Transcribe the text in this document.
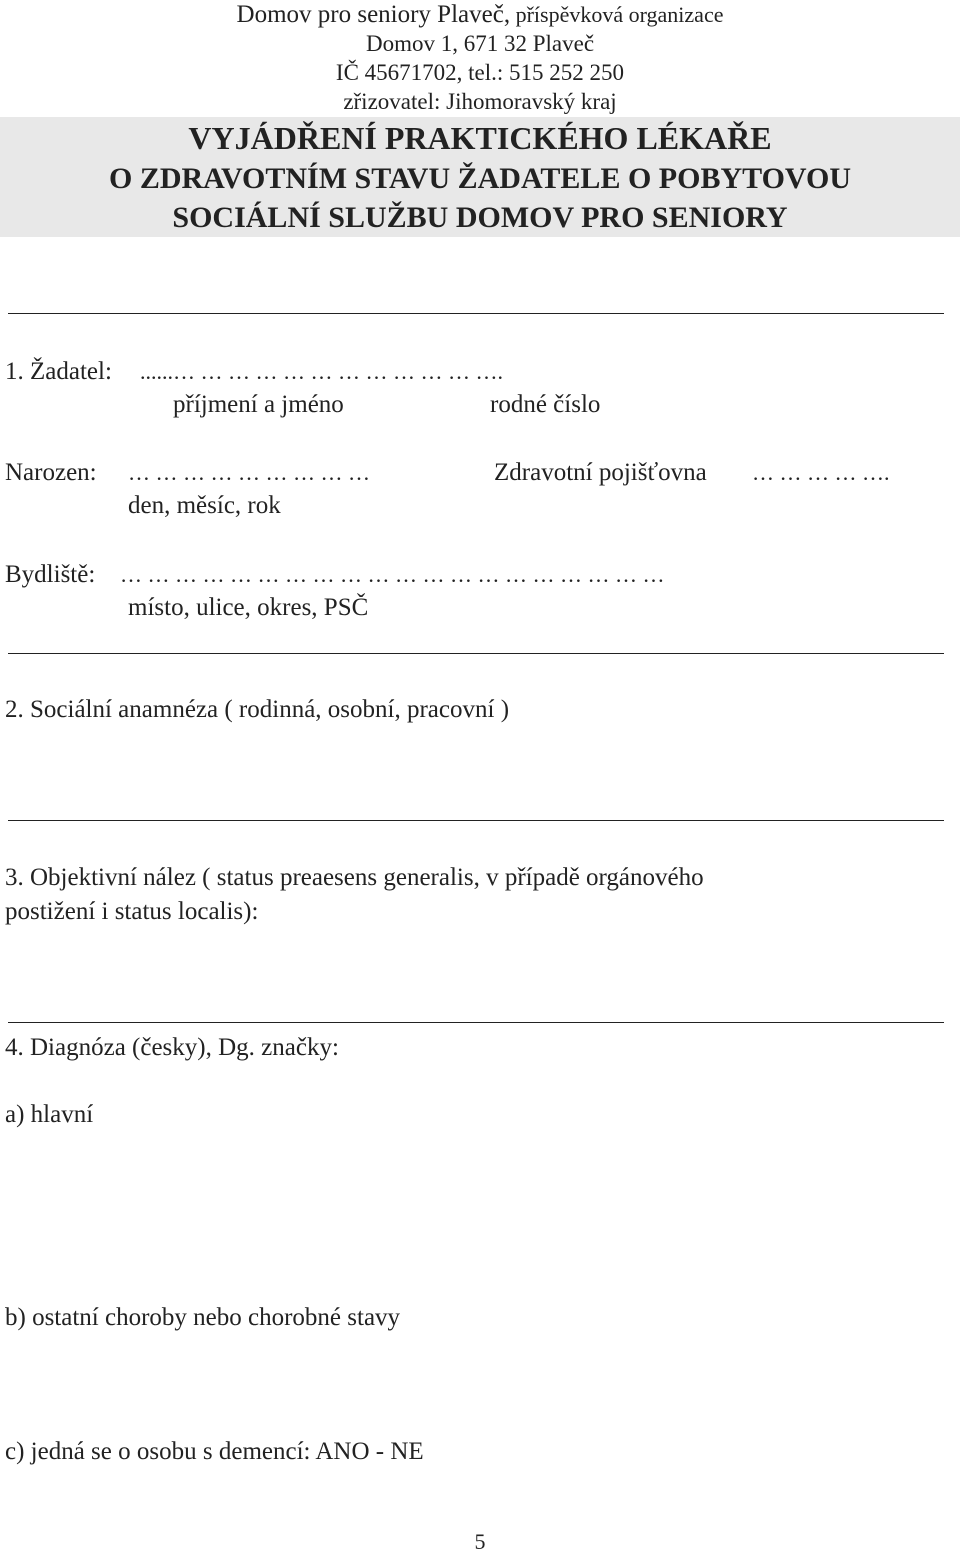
Domov pro seniory Plaveč, příspěvková organizace
Domov 1, 671 32 Plaveč
IČ 45671702, tel.: 515 252 250
zřizovatel: Jihomoravský kraj
VYJÁDŘENÍ PRAKTICKÉHO LÉKAŘE
O ZDRAVOTNÍM STAVU ŽADATELE O POBYTOVOU
SOCIÁLNÍ SLUŽBU DOMOV PRO SENIORY
1. Žadatel: ......… … … … … … … … … … … ….
příjmení a jméno	rodné číslo
Narozen: … … … … … … … … …	Zdravotní pojišťovna … … … … ….
den, měsíc, rok
Bydliště: … … … … … … … … … … … … … … … … … … … …
místo, ulice, okres, PSČ
2. Sociální anamnéza ( rodinná, osobní, pracovní )
3. Objektivní nález ( status preaesens generalis, v případě orgánového
postižení i status localis):
4. Diagnóza (česky), Dg. značky:
a) hlavní
b) ostatní choroby nebo chorobné stavy
c) jedná se o osobu s demencí: ANO - NE
5
